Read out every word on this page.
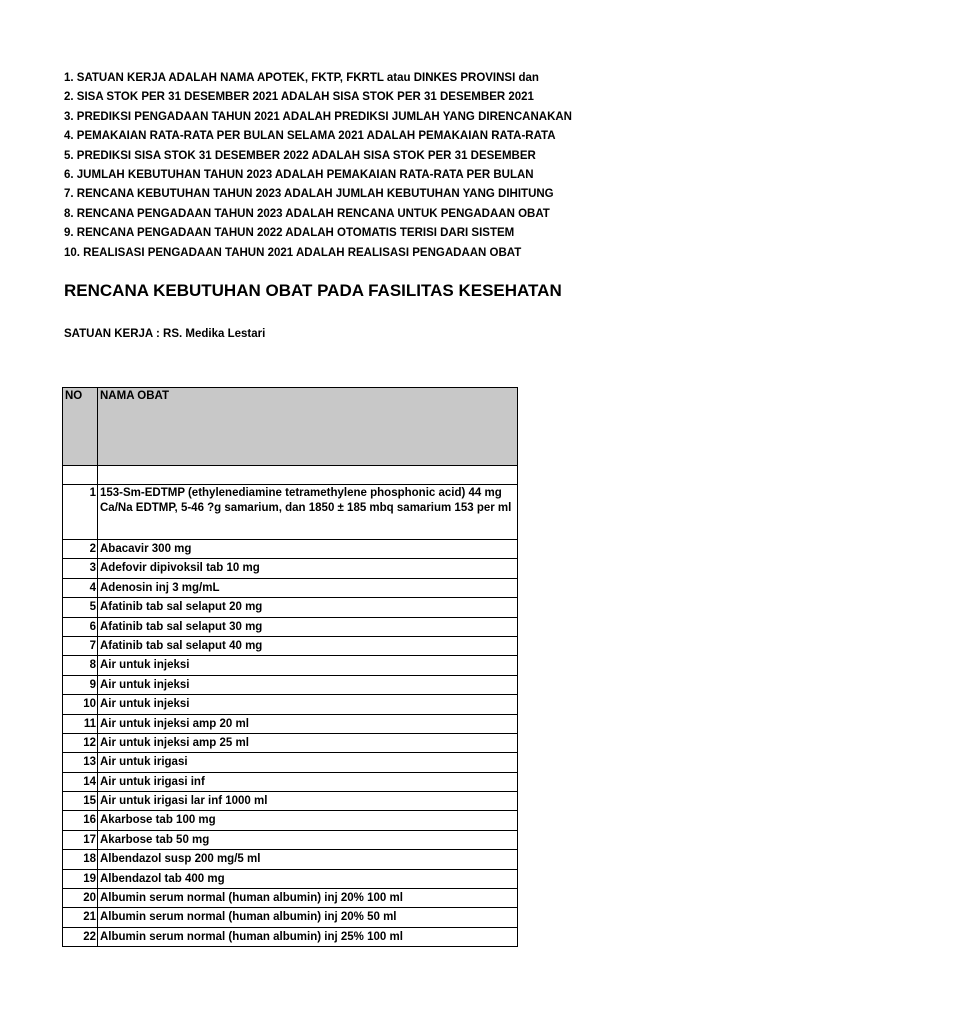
1. SATUAN KERJA ADALAH NAMA APOTEK, FKTP, FKRTL atau DINKES PROVINSI dan
2. SISA STOK PER 31 DESEMBER 2021 ADALAH SISA STOK PER 31 DESEMBER 2021
3. PREDIKSI PENGADAAN TAHUN 2021 ADALAH PREDIKSI JUMLAH YANG DIRENCANAKAN
4. PEMAKAIAN RATA-RATA PER BULAN SELAMA 2021 ADALAH PEMAKAIAN RATA-RATA
5. PREDIKSI SISA STOK 31 DESEMBER 2022 ADALAH SISA STOK PER 31 DESEMBER
6. JUMLAH KEBUTUHAN TAHUN 2023 ADALAH PEMAKAIAN RATA-RATA PER BULAN
7. RENCANA KEBUTUHAN TAHUN 2023 ADALAH JUMLAH KEBUTUHAN YANG DIHITUNG
8. RENCANA PENGADAAN TAHUN 2023 ADALAH RENCANA UNTUK PENGADAAN OBAT
9. RENCANA PENGADAAN TAHUN 2022 ADALAH OTOMATIS TERISI DARI SISTEM
10. REALISASI PENGADAAN TAHUN 2021 ADALAH REALISASI PENGADAAN OBAT
RENCANA KEBUTUHAN OBAT PADA FASILITAS KESEHATAN
SATUAN KERJA : RS. Medika Lestari
NO	NAMA OBAT

1	153-Sm-EDTMP (ethylenediamine tetramethylene phosphonic acid) 44 mg Ca/Na EDTMP, 5-46 ?g samarium, dan 1850 ± 185 mbq samarium 153 per ml
2	Abacavir 300 mg
3	Adefovir dipivoksil tab 10 mg
4	Adenosin inj 3 mg/mL
5	Afatinib tab sal selaput 20 mg
6	Afatinib tab sal selaput 30 mg
7	Afatinib tab sal selaput 40 mg
8	Air untuk injeksi
9	Air untuk injeksi
10	Air untuk injeksi
11	Air untuk injeksi amp 20 ml
12	Air untuk injeksi amp 25 ml
13	Air untuk irigasi
14	Air untuk irigasi inf
15	Air untuk irigasi lar inf 1000 ml
16	Akarbose tab 100 mg
17	Akarbose tab 50 mg
18	Albendazol susp 200 mg/5 ml
19	Albendazol tab 400 mg
20	Albumin serum normal (human albumin) inj 20% 100 ml
21	Albumin serum normal (human albumin) inj 20% 50 ml
22	Albumin serum normal (human albumin) inj 25% 100 ml
